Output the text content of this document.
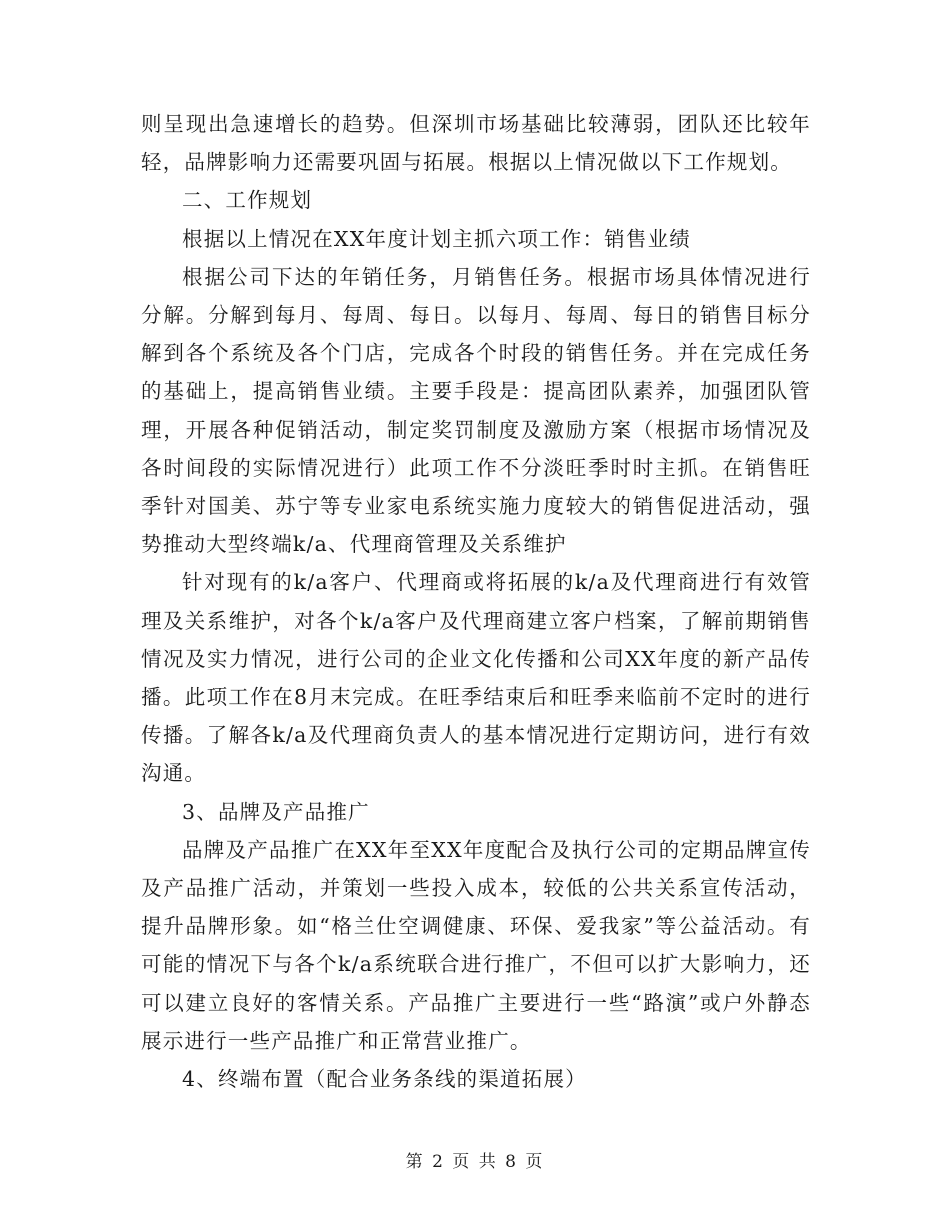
则呈现出急速增长的趋势。但深圳市场基础比较薄弱，团队还比较年轻，品牌影响力还需要巩固与拓展。根据以上情况做以下工作规划。

二、工作规划

根据以上情况在XX年度计划主抓六项工作：销售业绩

根据公司下达的年销任务，月销售任务。根据市场具体情况进行分解。分解到每月、每周、每日。以每月、每周、每日的销售目标分解到各个系统及各个门店，完成各个时段的销售任务。并在完成任务的基础上，提高销售业绩。主要手段是：提高团队素养，加强团队管理，开展各种促销活动，制定奖罚制度及激励方案（根据市场情况及各时间段的实际情况进行）此项工作不分淡旺季时时主抓。在销售旺季针对国美、苏宁等专业家电系统实施力度较大的销售促进活动，强势推动大型终端k/a、代理商管理及关系维护

针对现有的k/a客户、代理商或将拓展的k/a及代理商进行有效管理及关系维护，对各个k/a客户及代理商建立客户档案，了解前期销售情况及实力情况，进行公司的企业文化传播和公司XX年度的新产品传播。此项工作在8月末完成。在旺季结束后和旺季来临前不定时的进行传播。了解各k/a及代理商负责人的基本情况进行定期访问，进行有效沟通。

3、品牌及产品推广

品牌及产品推广在XX年至XX年度配合及执行公司的定期品牌宣传及产品推广活动，并策划一些投入成本，较低的公共关系宣传活动，提升品牌形象。如“格兰仕空调健康、环保、爱我家”等公益活动。有可能的情况下与各个k/a系统联合进行推广，不但可以扩大影响力，还可以建立良好的客情关系。产品推广主要进行一些“路演”或户外静态展示进行一些产品推广和正常营业推广。

4、终端布置（配合业务条线的渠道拓展）

第 2 页 共 8 页
